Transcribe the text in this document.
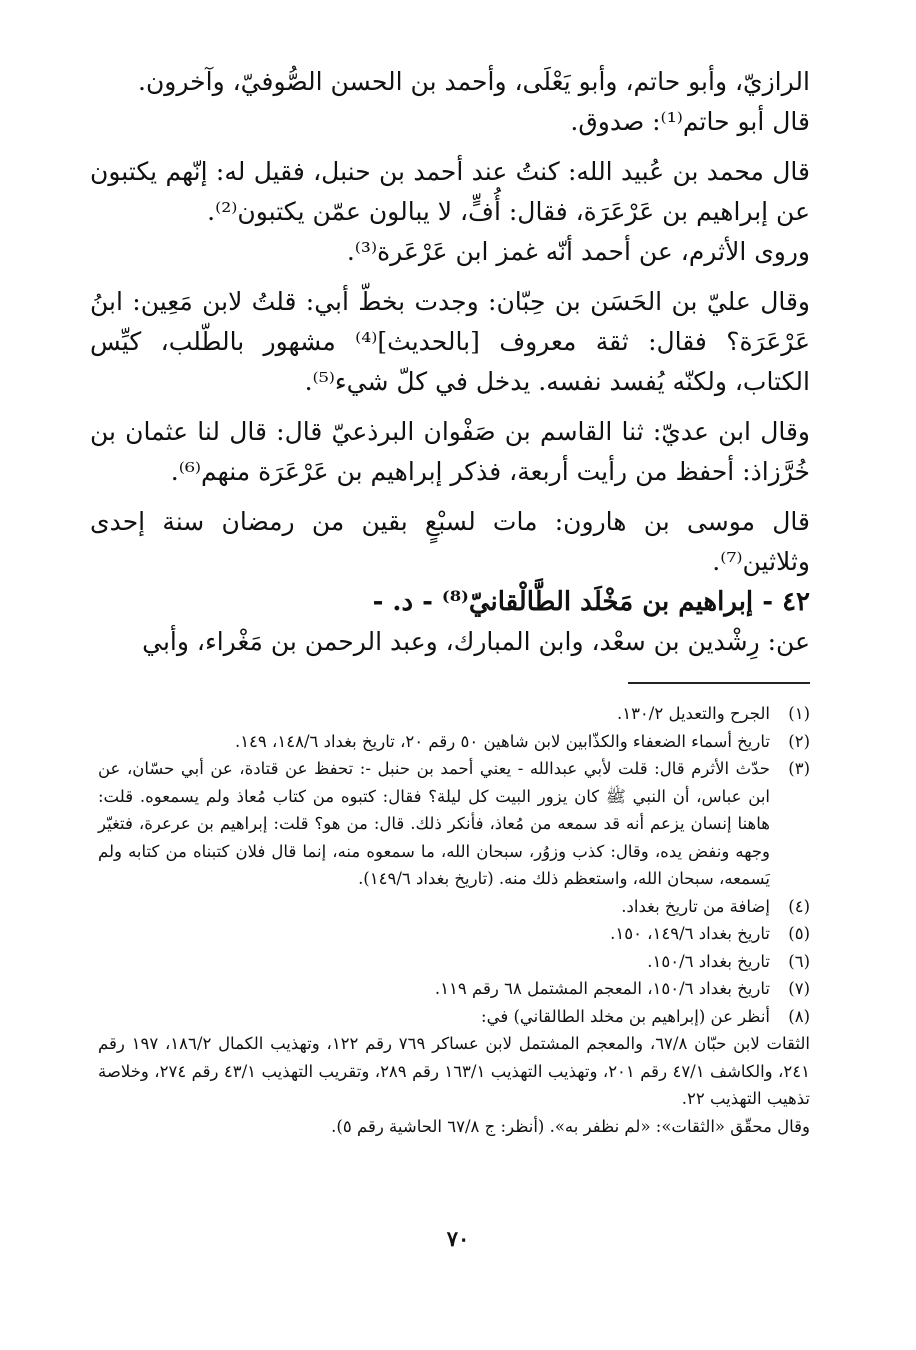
الرازيّ، وأبو حاتم، وأبو يَعْلَى، وأحمد بن الحسن الصُّوفيّ، وآخرون.

قال أبو حاتم⁽¹⁾: صدوق.

قال محمد بن عُبيد الله: كنتُ عند أحمد بن حنبل، فقيل له: إنّهم يكتبون عن إبراهيم بن عَرْعَرَة، فقال: أُفٍّ، لا يبالون عمّن يكتبون⁽²⁾.

وروى الأثرم، عن أحمد أنّه غمز ابن عَرْعَرة⁽³⁾.

وقال عليّ بن الحَسَن بن حِبّان: وجدت بخطّ أبي: قلتُ لابن مَعِين: ابنُ عَرْعَرَة؟ فقال: ثقة معروف [بالحديث]⁽⁴⁾ مشهور بالطّلب، كيِّس الكتاب، ولكنّه يُفسد نفسه. يدخل في كلّ شيء⁽⁵⁾.

وقال ابن عديّ: ثنا القاسم بن صَفْوان البرذعيّ قال: قال لنا عثمان بن خُرَّزاذ: أحفظ من رأيت أربعة، فذكر إبراهيم بن عَرْعَرَة منهم⁽⁶⁾.

قال موسى بن هارون: مات لسبْعٍ بقين من رمضان سنة إحدى وثلاثين⁽⁷⁾.

٤٢ - إبراهيم بن مَخْلَد الطَّالْقانيّ⁽⁸⁾ - د. -

عن: رِشْدين بن سعْد، وابن المبارك، وعبد الرحمن بن مَغْراء، وأبي

(١)
الجرح والتعديل ١٣٠/٢.
(٢)
تاريخ أسماء الضعفاء والكذّابين لابن شاهين ٥٠ رقم ٢٠، تاريخ بغداد ١٤٨/٦، ١٤٩.
(٣)
حدّث الأثرم قال: قلت لأبي عبدالله - يعني أحمد بن حنبل -: تحفظ عن قتادة، عن أبي حسّان، عن ابن عباس، أن النبي ﷺ كان يزور البيت كل ليلة؟ فقال: كتبوه من كتاب مُعاذ ولم يسمعوه. قلت: هاهنا إنسان يزعم أنه قد سمعه من مُعاذ، فأنكر ذلك. قال: من هو؟ قلت: إبراهيم بن عرعرة، فتغيّر وجهه ونفض يده، وقال: كذب وزوُر، سبحان الله، ما سمعوه منه، إنما قال فلان كتبناه من كتابه ولم يَسمعه، سبحان الله، واستعظم ذلك منه. (تاريخ بغداد ١٤٩/٦).
(٤)
إضافة من تاريخ بغداد.
(٥)
تاريخ بغداد ١٤٩/٦، ١٥٠.
(٦)
تاريخ بغداد ١٥٠/٦.
(٧)
تاريخ بغداد ١٥٠/٦، المعجم المشتمل ٦٨ رقم ١١٩.
(٨)
أنظر عن (إبراهيم بن مخلد الطالقاني) في:
الثقات لابن حبّان ٦٧/٨، والمعجم المشتمل لابن عساكر ٧٦٩ رقم ١٢٢، وتهذيب الكمال ١٨٦/٢، ١٩٧ رقم ٢٤١، والكاشف ٤٧/١ رقم ٢٠١، وتهذيب التهذيب ١٦٣/١ رقم ٢٨٩، وتقريب التهذيب ٤٣/١ رقم ٢٧٤، وخلاصة تذهيب التهذيب ٢٢.
وقال محقّق «الثقات»: «لم نظفر به». (أنظر: ج ٦٧/٨ الحاشية رقم ٥).
٧٠
